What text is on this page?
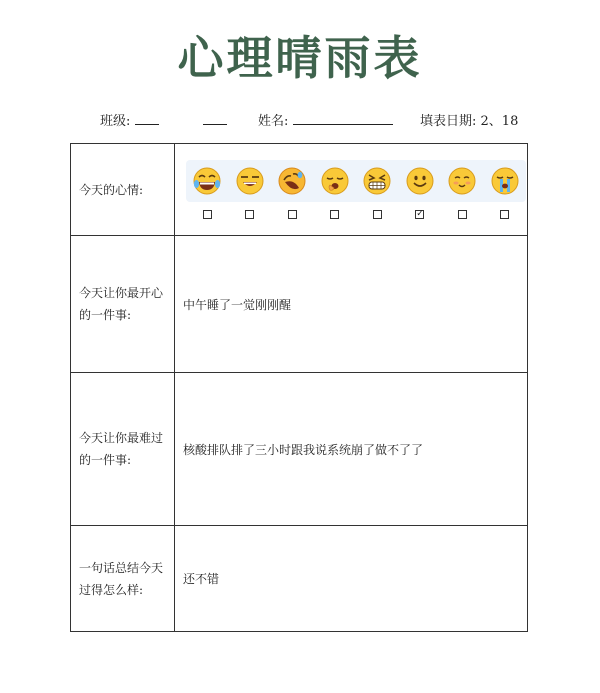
心理晴雨表
班级:	姓名:	填表日期: 2、18
今天的心情:	✓

今天让你最开心的一件事:	中午睡了一觉刚刚醒
今天让你最难过的一件事:	核酸排队排了三小时跟我说系统崩了做不了了
一句话总结今天过得怎么样:	还不错
